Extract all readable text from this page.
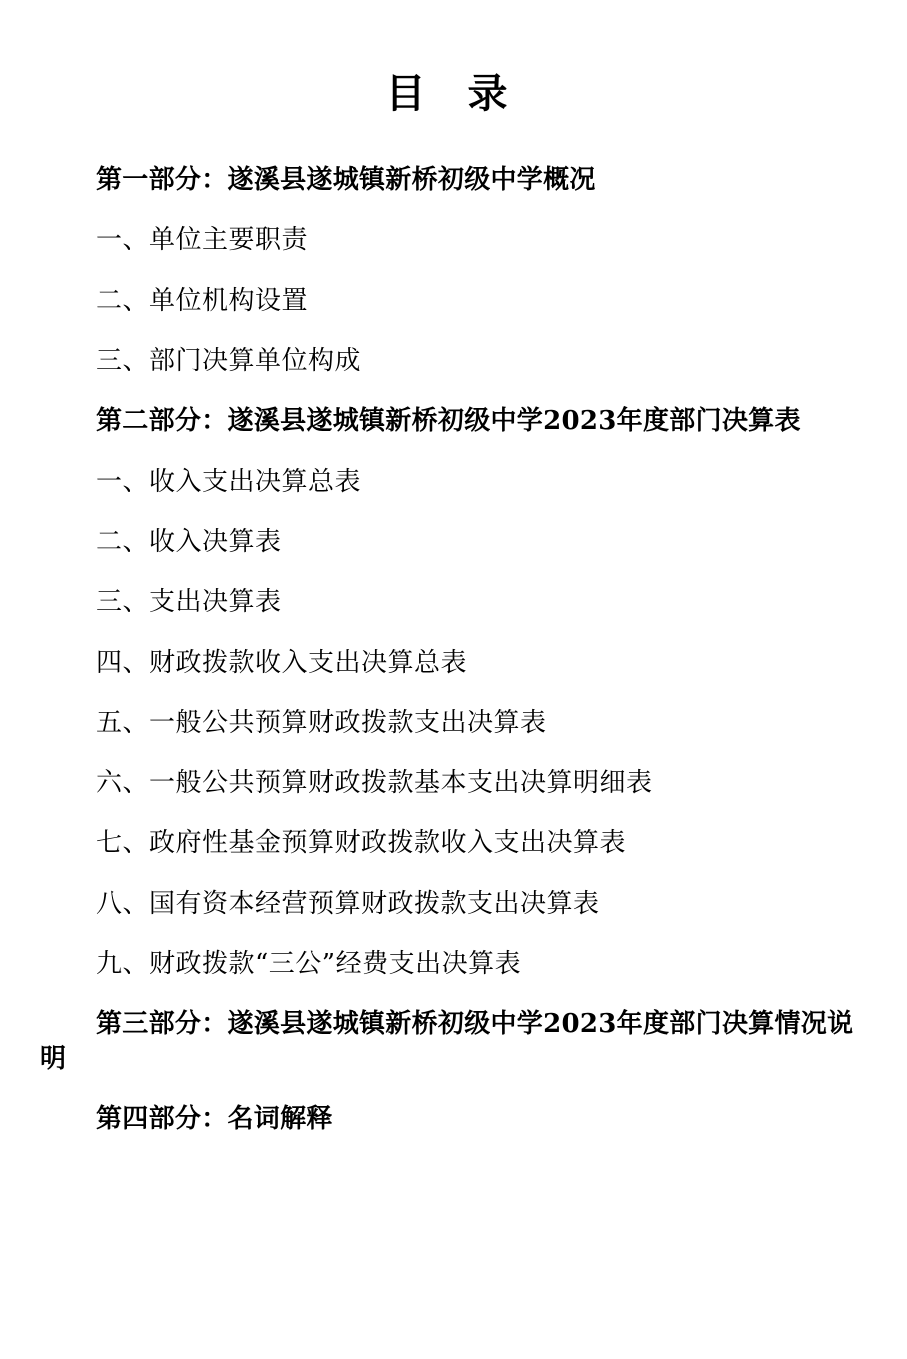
目 录

第一部分：遂溪县遂城镇新桥初级中学概况

一、单位主要职责

二、单位机构设置

三、部门决算单位构成

第二部分：遂溪县遂城镇新桥初级中学2023年度部门决算表

一、收入支出决算总表

二、收入决算表

三、支出决算表

四、财政拨款收入支出决算总表

五、一般公共预算财政拨款支出决算表

六、一般公共预算财政拨款基本支出决算明细表

七、政府性基金预算财政拨款收入支出决算表

八、国有资本经营预算财政拨款支出决算表

九、财政拨款“三公”经费支出决算表

第三部分：遂溪县遂城镇新桥初级中学2023年度部门决算情况说明

第四部分：名词解释
